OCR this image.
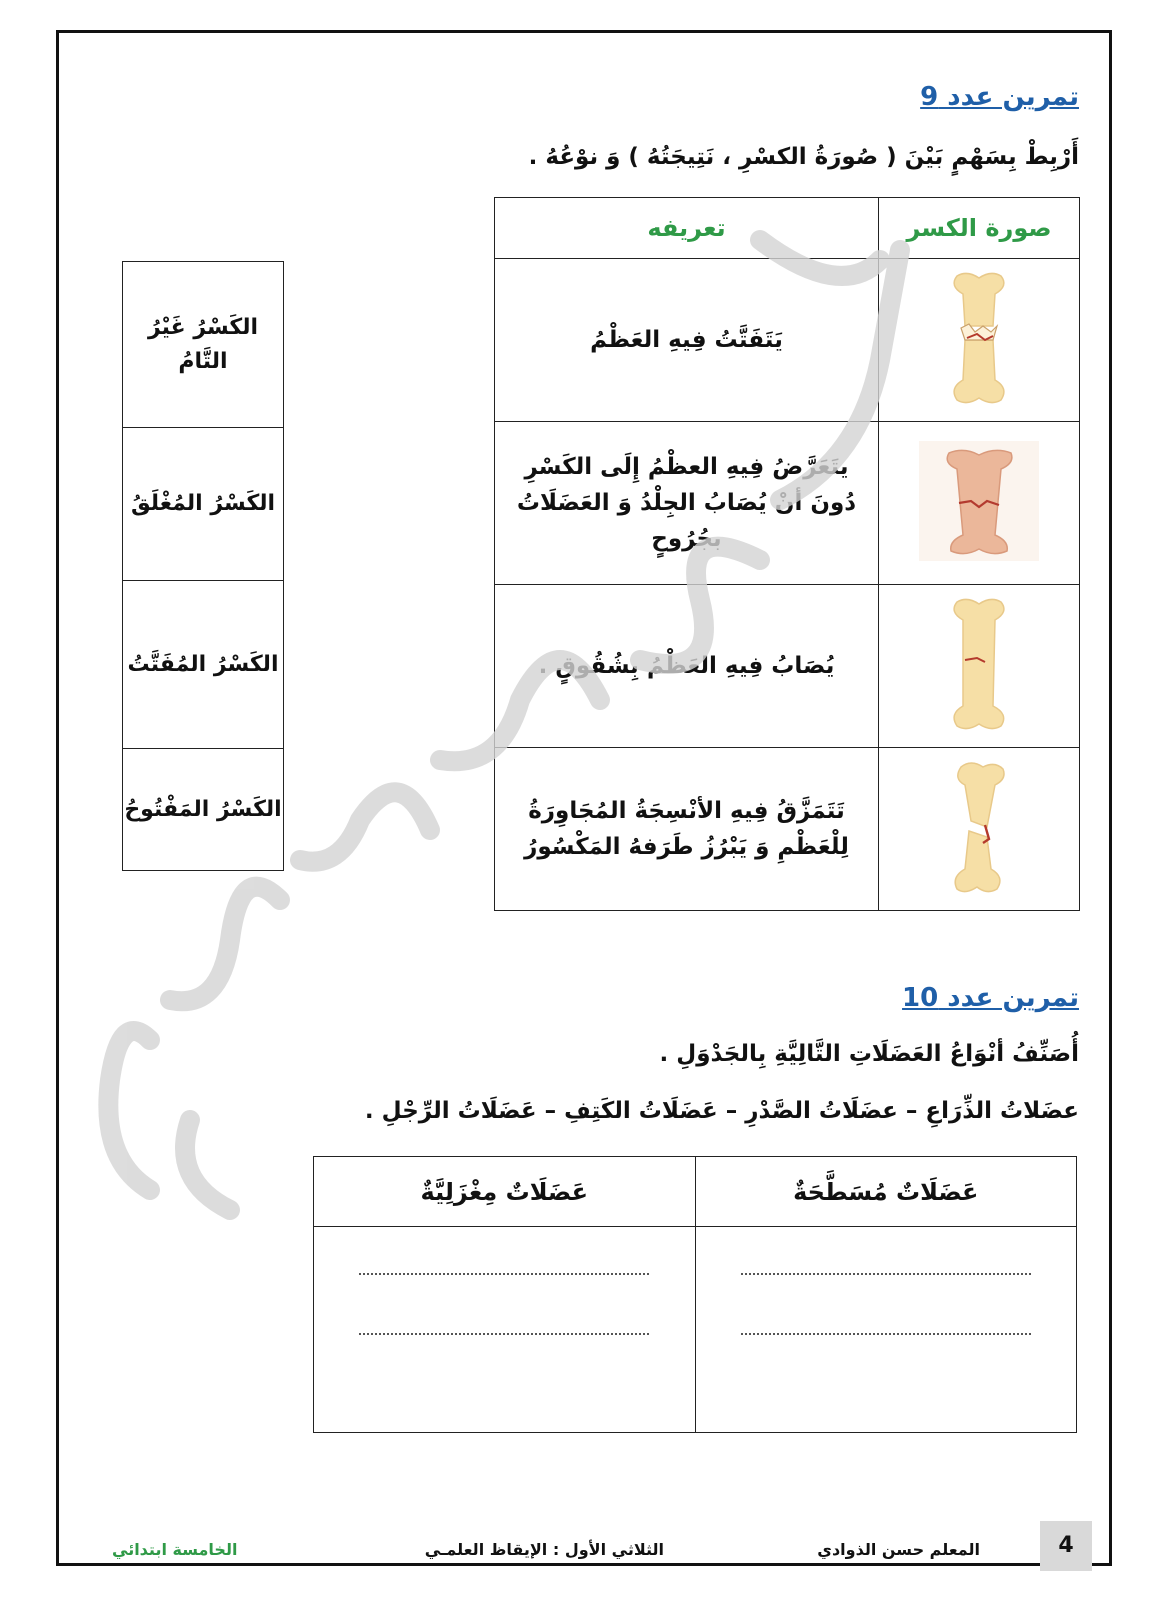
تمرين عدد 9
أَرْبِطْ بِسَهْمٍ بَيْنَ ( صُورَةُ الكسْرِ ، نَتِيجَتُهُ ) وَ نوْعُهُ .
صورة الكسر	تعريفه
	يَتَفَتَّتُ فِيهِ العَظْمُ
	يتَعَرَّضُ فِيهِ العظْمُ إِلَى الكَسْرِ دُونَ أنْ يُصَابُ الجِلْدُ وَ العَضَلَاتُ بجُرُوحٍ
	يُصَابُ فِيهِ العَظْمُ بِشُقُوقٍ .
	تَتَمَزَّقُ فِيهِ الأنْسِجَةُ المُجَاوِرَةُ لِلْعَظْمِ وَ يَبْرُزُ طَرَفهُ المَكْسُورُ
الكَسْرُ غَيْرُ التَّامُ
الكَسْرُ المُغْلَقُ
الكَسْرُ المُفَتَّتُ
الكَسْرُ المَفْتُوحُ
تمرين عدد 10
أُصَنِّفُ أنْوَاعُ العَضَلَاتِ التَّالِيَّةِ بِالجَدْوَلِ .
عضَلاتُ الذِّرَاعِ – عضَلَاتُ الصَّدْرِ – عَضَلَاتُ الكَتِفِ – عَضَلَاتُ الرِّجْلِ .
عَضَلَاتٌ مُسَطَّحَةٌ	عَضَلَاتٌ مِغْزَلِيَّةٌ

4
المعلم حسن الذوادي
الثلاثي الأول : الإيقاظ العلمـي
الخامسة ابتدائي
